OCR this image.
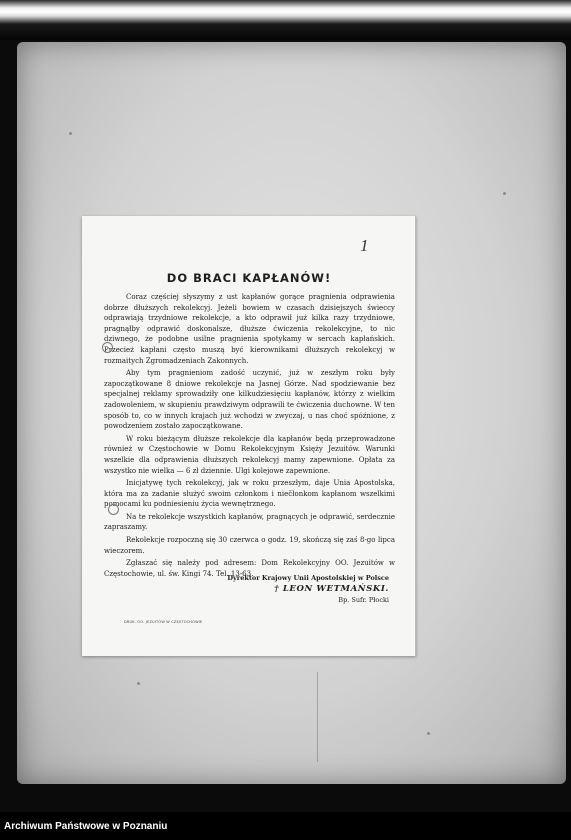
1
DO BRACI KAPŁANÓW!

Coraz częściej słyszymy z ust kapłanów gorące pragnienia odprawienia dobrze dłuższych rekolekcyj. Jeżeli bowiem w czasach dzisiejszych świeccy odprawiają trzydniowe rekolekcje, a kto odprawił już kilka razy trzydniowe, pragnąłby odprawić doskonalsze, dłuższe ćwiczenia rekolekcyjne, to nic dziwnego, że podobne usilne pragnienia spotykamy w sercach kapłańskich. Przecież kapłani często muszą być kierownikami dłuższych rekolekcyj w rozmaitych Zgromadzeniach Zakonnych.

Aby tym pragnieniom zadość uczynić, już w zeszłym roku były zapoczątkowane 8 dniowe rekolekcje na Jasnej Górze. Nad spodziewanie bez specjalnej reklamy sprowadziły one kilkudziesięciu kapłanów, którzy z wielkim zadowoleniem, w skupieniu prawdziwym odprawili te ćwiczenia duchowne. W ten sposób to, co w innych krajach już wchodzi w zwyczaj, u nas choć spóźnione, z powodzeniem zostało zapoczątkowane.

W roku bieżącym dłuższe rekolekcje dla kapłanów będą przeprowadzone również w Częstochowie w Domu Rekolekcyjnym Księży Jezuitów. Warunki wszelkie dla odprawienia dłuższych rekolekcyj mamy zapewnione. Opłata za wszystko nie wielka — 6 zł dziennie. Ulgi kolejowe zapewnione.

Inicjatywę tych rekolekcyj, jak w roku przeszłym, daje Unia Apostolska, która ma za zadanie służyć swoim członkom i niečłonkom kapłanom wszelkimi pomocami ku podniesieniu życia wewnętrznego.

Na te rekolekcje wszystkich kapłanów, pragnących je odprawić, serdecznie zapraszamy.

Rekolekcje rozpoczną się 30 czerwca o godz. 19, skończą się zaś 8-go lipca wieczorem.

Zgłaszać się należy pod adresem: Dom Rekolekcyjny OO. Jezuitów w Częstochowie, ul. św. Kingi 74. Tel. 13-63.

Dyrektor Krajowy Unii Apostolskiej w Polsce
† LEON WETMAŃSKI.
Bp. Sufr. Płocki
DRUK. OO. JEZUITÓW W CZĘSTOCHOWIE
Archiwum Państwowe w Poznaniu
